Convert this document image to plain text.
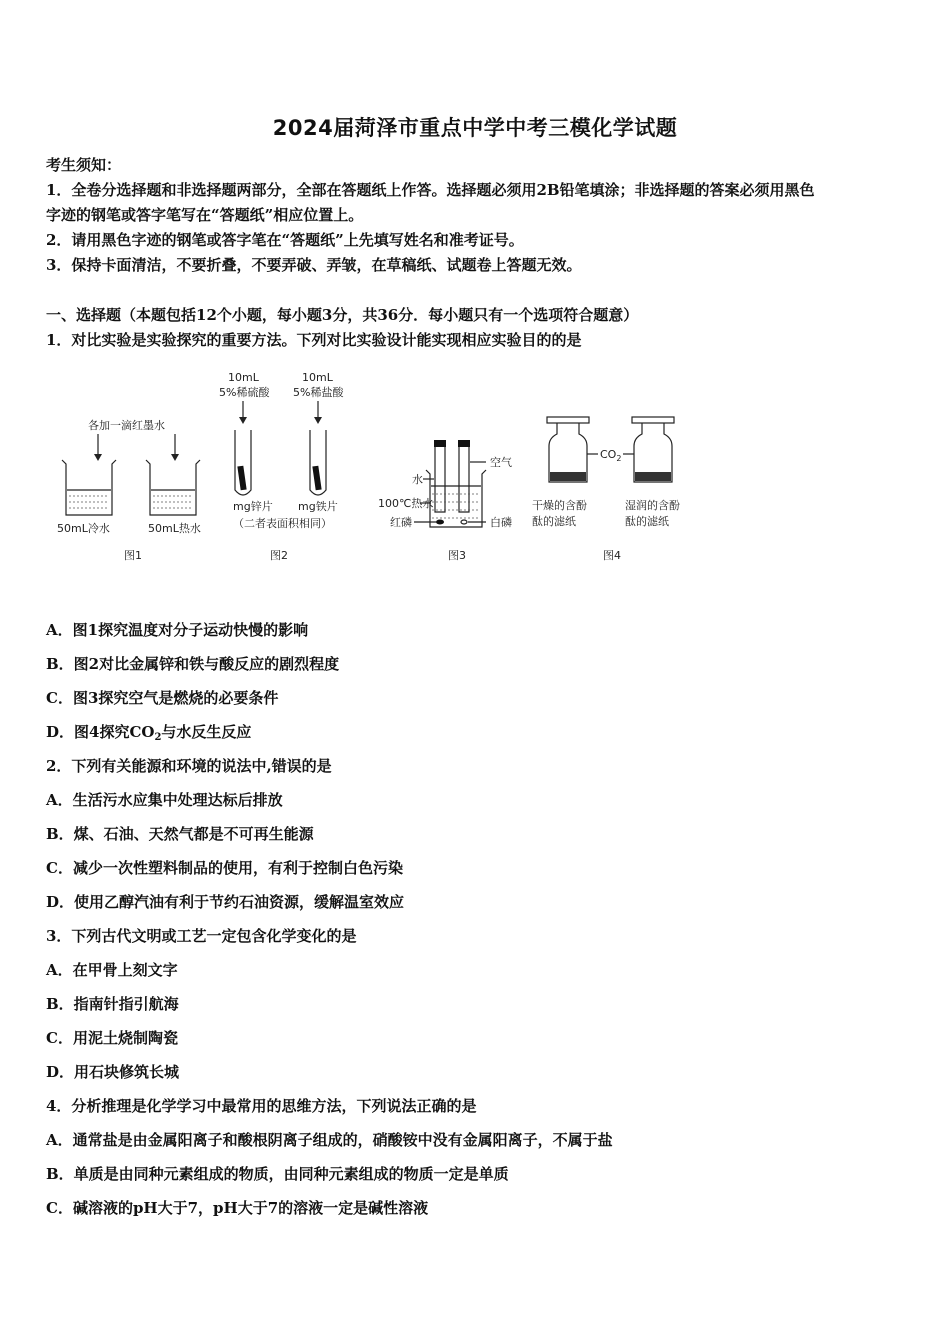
2024届菏泽市重点中学中考三模化学试题
考生须知：
1．全卷分选择题和非选择题两部分，全部在答题纸上作答。选择题必须用2B铅笔填涂；非选择题的答案必须用黑色
字迹的钢笔或答字笔写在“答题纸”相应位置上。
2．请用黑色字迹的钢笔或答字笔在“答题纸”上先填写姓名和准考证号。
3．保持卡面清洁，不要折叠，不要弄破、弄皱，在草稿纸、试题卷上答题无效。
一、选择题（本题包括12个小题，每小题3分，共36分．每小题只有一个选项符合题意）
1．对比实验是实验探究的重要方法。下列对比实验设计能实现相应实验目的的是
各加一滴红墨水
50mL冷水	50mL热水
图1
10mL
5%稀硫酸
10mL
5%稀盐酸
mg锌片 mg铁片
（二者表面积相同）
图2
空气
水
100℃热水
红磷	白磷
图3
$CO_2$
干燥的含酚
酞的滤纸
湿润的含酚
酞的滤纸
图4
A．图1探究温度对分子运动快慢的影响
B．图2对比金属锌和铁与酸反应的剧烈程度
C．图3探究空气是燃烧的必要条件
D．图4探究$CO_2$与水反生反应
2．下列有关能源和环境的说法中,错误的是
A．生活污水应集中处理达标后排放
B．煤、石油、天然气都是不可再生能源
C．减少一次性塑料制品的使用，有利于控制白色污染
D．使用乙醇汽油有利于节约石油资源，缓解温室效应
3．下列古代文明或工艺一定包含化学变化的是
A．在甲骨上刻文字
B．指南针指引航海
C．用泥土烧制陶瓷
D．用石块修筑长城
4．分析推理是化学学习中最常用的思维方法，下列说法正确的是
A．通常盐是由金属阳离子和酸根阴离子组成的，硝酸铵中没有金属阳离子，不属于盐
B．单质是由同种元素组成的物质，由同种元素组成的物质一定是单质
C．碱溶液的pH大于7，pH大于7的溶液一定是碱性溶液
